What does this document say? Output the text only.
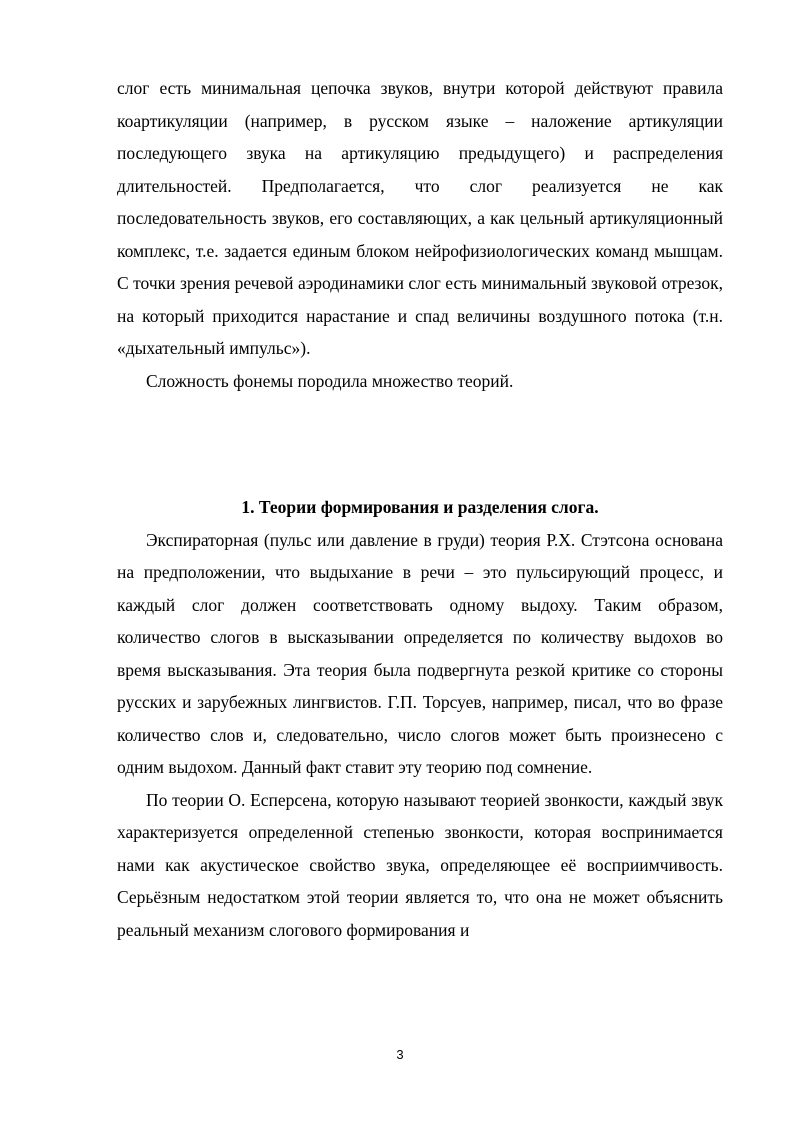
слог есть минимальная цепочка звуков, внутри которой действуют правила коартикуляции (например, в русском языке – наложение артикуляции последующего звука на артикуляцию предыдущего) и распределения длительностей. Предполагается, что слог реализуется не как последовательность звуков, его составляющих, а как цельный артикуляционный комплекс, т.е. задается единым блоком нейрофизиологических команд мышцам. С точки зрения речевой аэродинамики слог есть минимальный звуковой отрезок, на который приходится нарастание и спад величины воздушного потока (т.н. «дыхательный импульс»).

Сложность фонемы породила множество теорий.

1. Теории формирования и разделения слога.

Экспираторная (пульс или давление в груди) теория Р.Х. Стэтсона основана на предположении, что выдыхание в речи – это пульсирующий процесс, и каждый слог должен соответствовать одному выдоху. Таким образом, количество слогов в высказывании определяется по количеству выдохов во время высказывания. Эта теория была подвергнута резкой критике со стороны русских и зарубежных лингвистов. Г.П. Торсуев, например, писал, что во фразе количество слов и, следовательно, число слогов может быть произнесено с одним выдохом. Данный факт ставит эту теорию под сомнение.

По теории О. Есперсена, которую называют теорией звонкости, каждый звук характеризуется определенной степенью звонкости, которая воспринимается нами как акустическое свойство звука, определяющее её восприимчивость. Серьёзным недостатком этой теории является то, что она не может объяснить реальный механизм слогового формирования и

3
